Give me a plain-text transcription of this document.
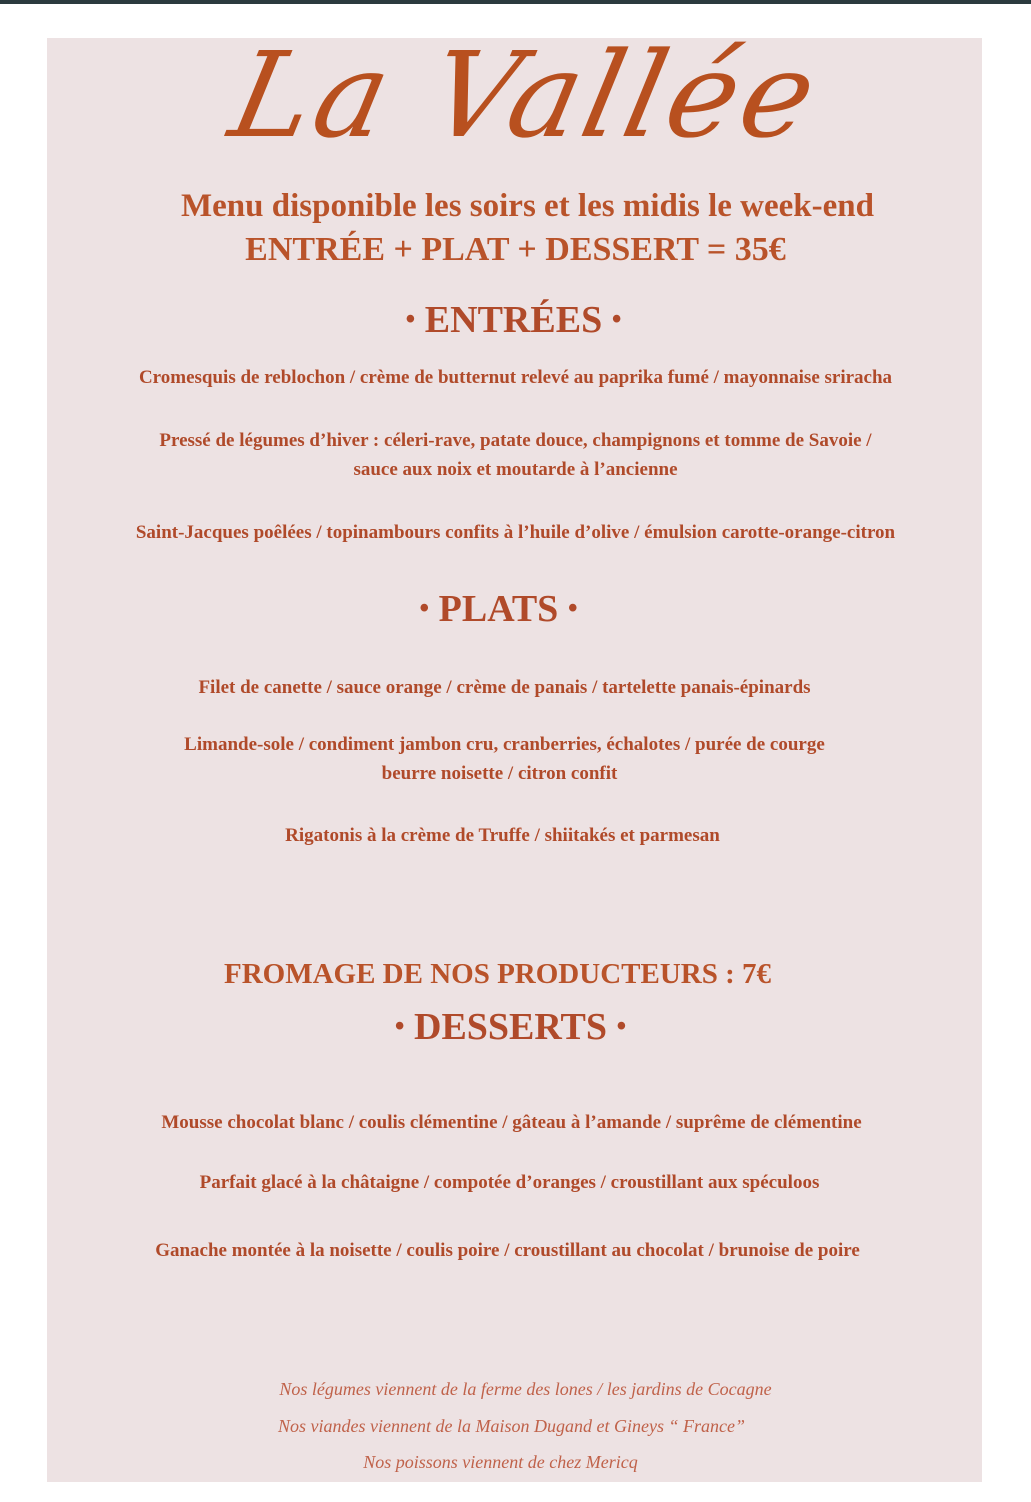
La Vallée
Menu disponible les soirs et les midis le week-end
ENTRÉE + PLAT + DESSERT = 35€
• ENTRÉES •
Cromesquis de reblochon / crème de butternut relevé au paprika fumé / mayonnaise sriracha
Pressé de légumes d’hiver : céleri-rave, patate douce, champignons et tomme de Savoie /
sauce aux noix et moutarde à l’ancienne
Saint-Jacques poêlées / topinambours confits à l’huile d’olive / émulsion carotte-orange-citron
• PLATS •
Filet de canette / sauce orange / crème de panais / tartelette panais-épinards
Limande-sole / condiment jambon cru, cranberries, échalotes / purée de courge
beurre noisette / citron confit
Rigatonis à la crème de Truffe / shiitakés et parmesan
FROMAGE DE NOS PRODUCTEURS : 7€
• DESSERTS •
Mousse chocolat blanc / coulis clémentine / gâteau à l’amande / suprême de clémentine
Parfait glacé à la châtaigne / compotée d’oranges / croustillant aux spéculoos
Ganache montée à la noisette / coulis poire / croustillant au chocolat / brunoise de poire
Nos légumes viennent de la ferme des lones / les jardins de Cocagne
Nos viandes viennent de la Maison Dugand et Gineys “ France”
Nos poissons viennent de chez Mericq
